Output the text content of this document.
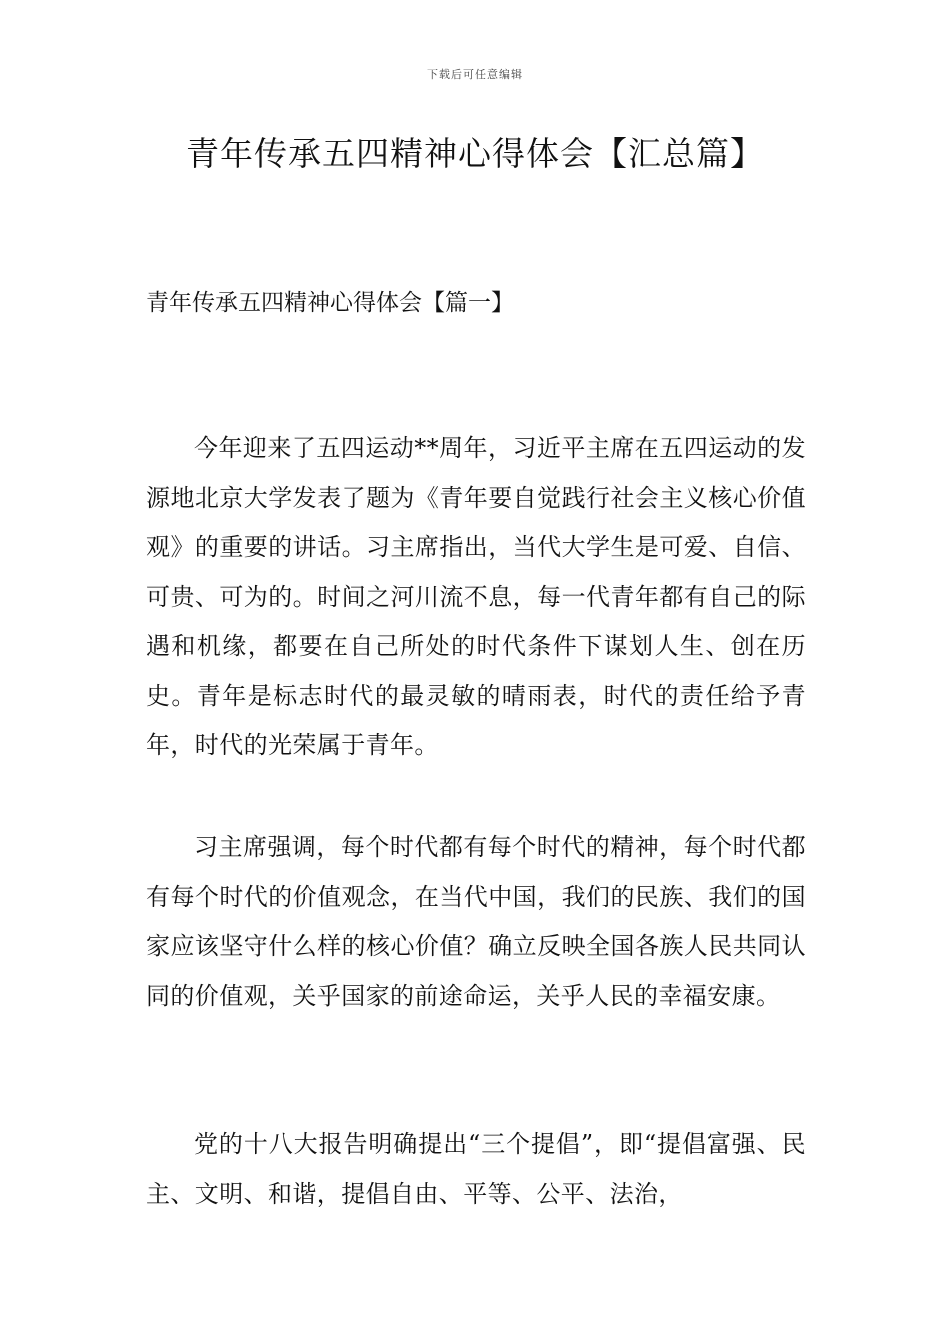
下载后可任意编辑
青年传承五四精神心得体会【汇总篇】
青年传承五四精神心得体会【篇一】

今年迎来了五四运动**周年，习近平主席在五四运动的发源地北京大学发表了题为《青年要自觉践行社会主义核心价值观》的重要的讲话。习主席指出，当代大学生是可爱、自信、可贵、可为的。时间之河川流不息，每一代青年都有自己的际遇和机缘，都要在自己所处的时代条件下谋划人生、创在历史。青年是标志时代的最灵敏的晴雨表，时代的责任给予青年，时代的光荣属于青年。

习主席强调，每个时代都有每个时代的精神，每个时代都有每个时代的价值观念，在当代中国，我们的民族、我们的国家应该坚守什么样的核心价值？确立反映全国各族人民共同认同的价值观，关乎国家的前途命运，关乎人民的幸福安康。

党的十八大报告明确提出“三个提倡”，即“提倡富强、民主、文明、和谐，提倡自由、平等、公平、法治，
